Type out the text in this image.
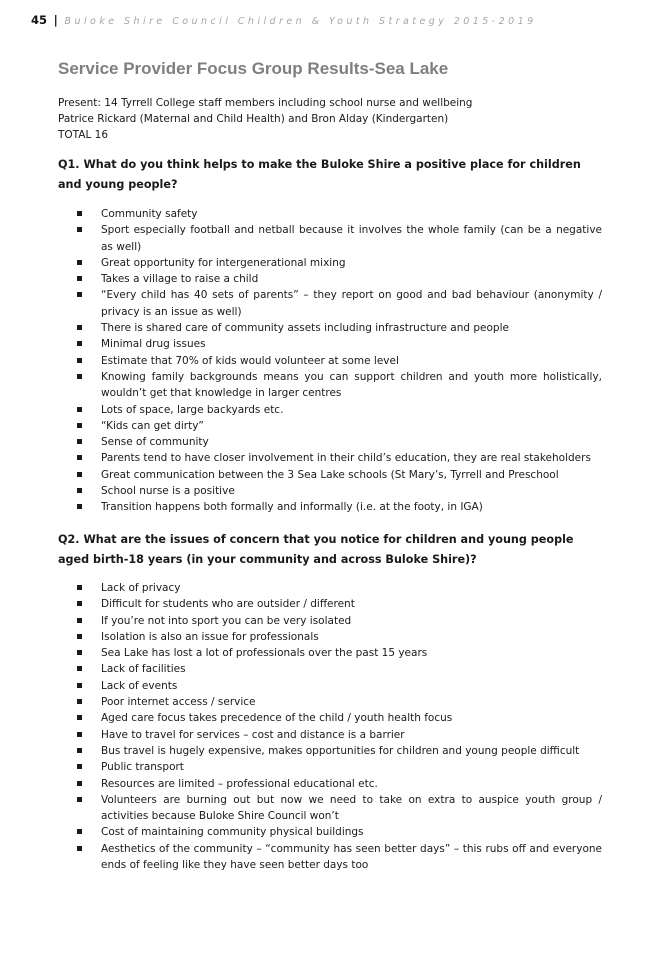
45 | Buloke Shire Council Children & Youth Strategy 2015-2019
Service Provider Focus Group Results-Sea Lake
Present: 14 Tyrrell College staff members including school nurse and wellbeing
Patrice Rickard (Maternal and Child Health) and Bron Alday (Kindergarten)
TOTAL 16

Q1. What do you think helps to make the Buloke Shire a positive place for children and young people?

Community safety
Sport especially football and netball because it involves the whole family (can be a negative as well)
Great opportunity for intergenerational mixing
Takes a village to raise a child
“Every child has 40 sets of parents” – they report on good and bad behaviour (anonymity / privacy is an issue as well)
There is shared care of community assets including infrastructure and people
Minimal drug issues
Estimate that 70% of kids would volunteer at some level
Knowing family backgrounds means you can support children and youth more holistically, wouldn’t get that knowledge in larger centres
Lots of space, large backyards etc.
“Kids can get dirty”
Sense of community
Parents tend to have closer involvement in their child’s education, they are real stakeholders
Great communication between the 3 Sea Lake schools (St Mary’s, Tyrrell and Preschool
School nurse is a positive
Transition happens both formally and informally (i.e. at the footy, in IGA)

Q2. What are the issues of concern that you notice for children and young people aged birth-18 years (in your community and across Buloke Shire)?

Lack of privacy
Difficult for students who are outsider / different
If you’re not into sport you can be very isolated
Isolation is also an issue for professionals
Sea Lake has lost a lot of professionals over the past 15 years
Lack of facilities
Lack of events
Poor internet access / service
Aged care focus takes precedence of the child / youth health focus
Have to travel for services – cost and distance is a barrier
Bus travel is hugely expensive, makes opportunities for children and young people difficult
Public transport
Resources are limited – professional educational etc.
Volunteers are burning out but now we need to take on extra to auspice youth group / activities because Buloke Shire Council won’t
Cost of maintaining community physical buildings
Aesthetics of the community – “community has seen better days” – this rubs off and everyone ends of feeling like they have seen better days too
